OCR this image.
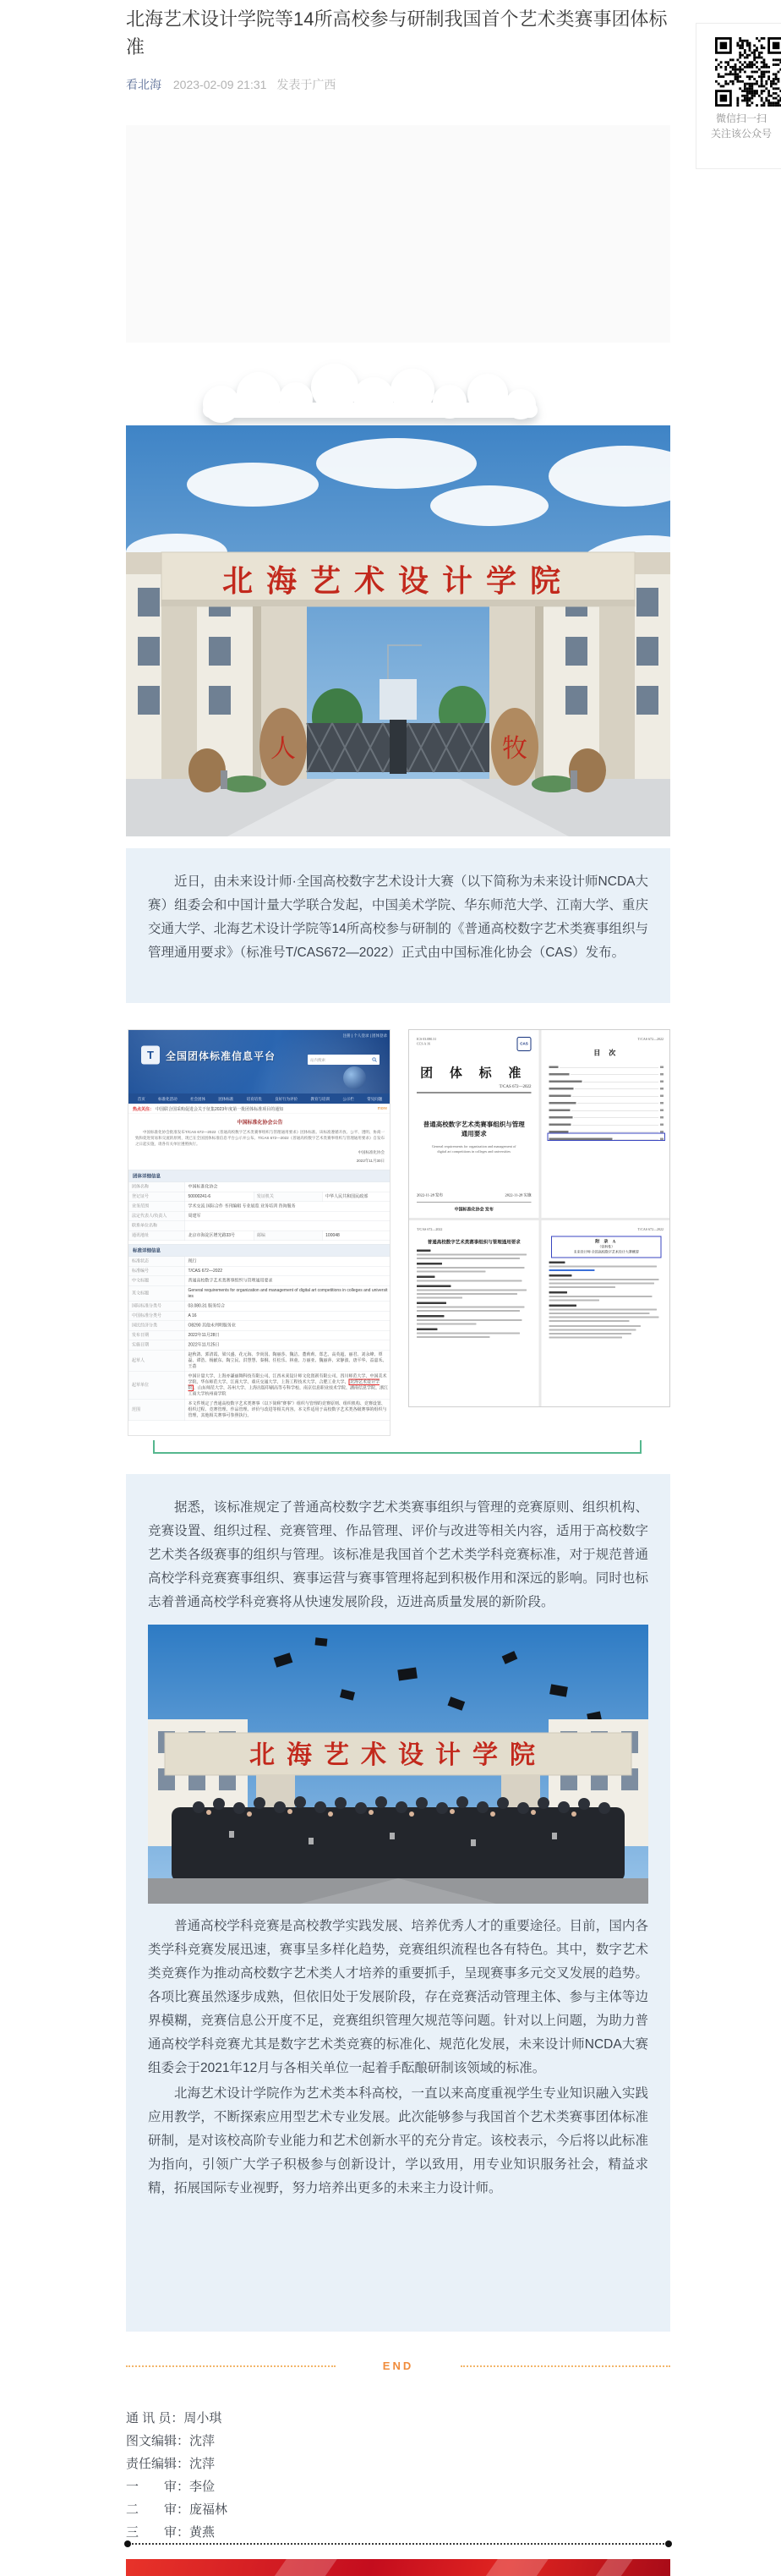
北海艺术设计学院等14所高校参与研制我国首个艺术类赛事团体标准
看北海 2023-02-09 21:31 发表于广西
微信扫一扫
关注该公众号
北海艺术设计学院
人	牧

近日，由未来设计师·全国高校数字艺术设计大赛（以下简称为未来设计师NCDA大赛）组委会和中国计量大学联合发起，中国美术学院、华东师范大学、江南大学、重庆交通大学、北海艺术设计学院等14所高校参与研制的《普通高校数字艺术类赛事组织与管理通用要求》（标准号T/CAS672—2022）正式由中国标准化协会（CAS）发布。

注册 | 个人登录 | 团体登录
T 全国团体标准信息平台	站内搜索
首页 标准化活动 社会团体 团体标准 培育培优 良好行为评价 教育与培训 公示栏 常见问题
热点关注： 中国联合国采购促进会关于征集2023年度第一批团体标准项目的通知	more
中国标准化协会公告

中国标准化协会批准发布T/CAS 672—2022《普通高校数字艺术类赛事组织与管理通用要求》团体标准。该标准遵循开放、公平、透明、协商一致和促进贸易和交流的原则，现已在全国团体标准信息平台公示并公布。T/CAS 672—2022《普通高校数字艺术类赛事组织与管理通用要求》自发布之日起实施，请各有关单位遵照执行。

中国标准化协会
2022年11月30日
团体详细信息
团体名称	中国标准化协会		
登记证号	50000241-6	发证机关	中华人民共和国民政部
业务范围	学术交流 国际合作 书刊编辑 专业展览 业务培训 咨询服务		
法定代表人/负责人	周建军		
联系单位名称			
通讯地址	北京市海淀区增光路33号	邮编	100048
标准详细信息
标准状态	现行
标准编号	T/CAS 672—2022
中文标题	普通高校数字艺术类赛事组织与管理通用要求
英文标题	General requirements for organization and management of digital art competitions in colleges and universities
国际标准分类号	03.080.31 服务综合
中国标准分类号	A 16
国民经济分类	O8290 其他未列明服务业
发布日期	2022年11月28日
实施日期	2022年11月25日
起草人	赵秋鸽、郭清霞、梁兴盛、花元海、李尚国、陶丽莎、魏洁、董莉莉、郑艺、高英超、丽君、刘永峰、覃磊、谭浩、杨献东、陶立民、洪慧慧、秦桐、任松乐、林童、万丽亚、魏丽萍、宋静波、唐平华、益嘉禾、王荔
起草单位	中国计量大学、上海亦谦丽舞科技有限公司、江西未来设计师文化创新有限公司、四川师范大学、中国美术学院、华东师范大学、江南大学、重庆交通大学、上海工程技术大学、合肥工业大学、 北海艺术设计学院 、山东师范大学、苏州大学、上海出版印刷高等专科学校、南京信息职业技术学院、湖南信息学院、浙江工商大学杭州商学院
范围	本文件规定了普通高校数字艺术类赛事（以下简称“赛事”）组织与管理的竞赛原则、组织机构、竞赛设置、组织过程、竞赛管理、作品管理、评价与改进等相关内容。本文件适用于高校数字艺术类各级赛事的组织与管理，其他相关赛事可参照执行。
ICS 03.080.31
CCS A 16	CAS
团 体 标 准
T/CAS 672—2022
普通高校数字艺术类赛事组织与管理
通用要求
General requirements for organization and management of
digital art competitions in colleges and universities
2022-11-28 发布	2022-11-28 实施
中国标准化协会 发布
T/CAS 672—2022
目 次
T/CAS 672—2022
普通高校数字艺术类赛事组织与管理通用要求
T/CAS 672—2022
附 录 A
（资料性）
未来设计师·全国高校数字艺术设计大赛概要

据悉，该标准规定了普通高校数字艺术类赛事组织与管理的竞赛原则、组织机构、竞赛设置、组织过程、竞赛管理、作品管理、评价与改进等相关内容，适用于高校数字艺术类各级赛事的组织与管理。该标准是我国首个艺术类学科竞赛标准，对于规范普通高校学科竞赛赛事组织、赛事运营与赛事管理将起到积极作用和深远的影响。同时也标志着普通高校学科竞赛将从快速发展阶段，迈进高质量发展的新阶段。

北海艺术设计学院

普通高校学科竞赛是高校教学实践发展、培养优秀人才的重要途径。目前，国内各类学科竞赛发展迅速，赛事呈多样化趋势，竞赛组织流程也各有特色。其中，数字艺术类竞赛作为推动高校数字艺术类人才培养的重要抓手，呈现赛事多元交叉发展的趋势。各项比赛虽然逐步成熟，但依旧处于发展阶段，存在竞赛活动管理主体、参与主体等边界模糊，竞赛信息公开度不足，竞赛组织管理欠规范等问题。针对以上问题，为助力普通高校学科竞赛尤其是数字艺术类竞赛的标准化、规范化发展，未来设计师NCDA大赛组委会于2021年12月与各相关单位一起着手酝酿研制该领域的标准。

北海艺术设计学院作为艺术类本科高校，一直以来高度重视学生专业知识融入实践应用教学，不断探索应用型艺术专业发展。此次能够参与我国首个艺术类赛事团体标准研制，是对该校高阶专业能力和艺术创新水平的充分肯定。该校表示，今后将以此标准为指向，引领广大学子积极参与创新设计，学以致用，用专业知识服务社会，精益求精，拓展国际专业视野，努力培养出更多的未来主力设计师。

END
通 讯 员：周小琪
图文编辑：沈萍
责任编辑：沈萍
一　　审：李俭
二　　审：庞福林
三　　审：黄燕
